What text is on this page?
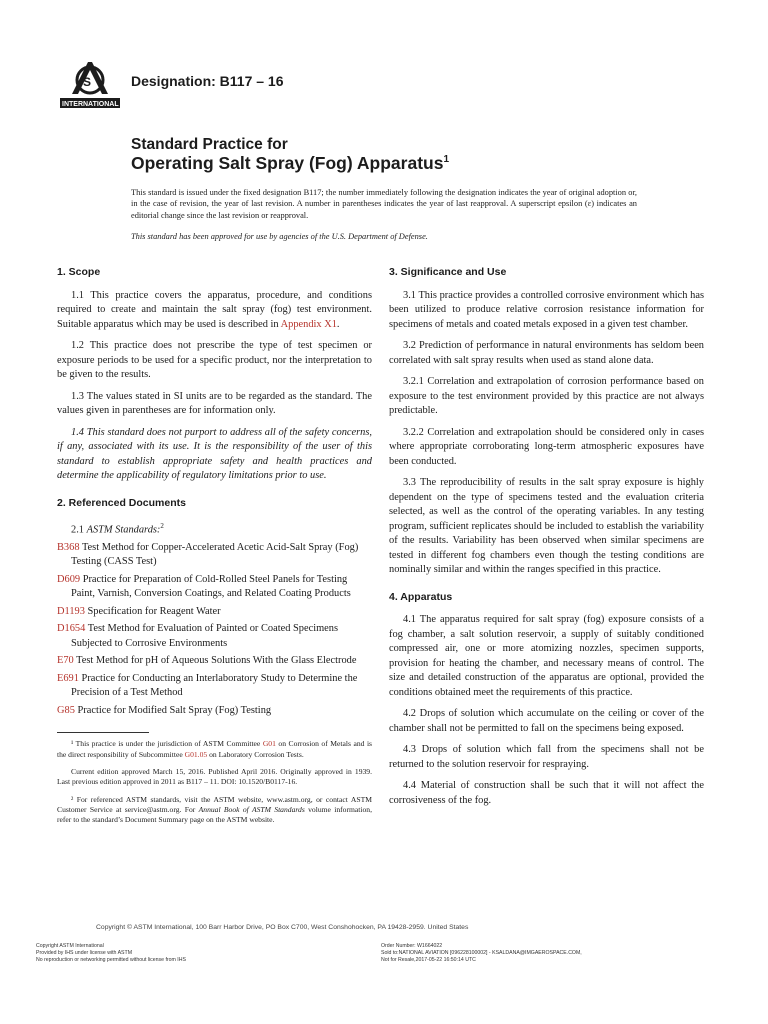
S
INTERNATIONAL
Designation: B117 – 16
Standard Practice for
Operating Salt Spray (Fog) Apparatus$^1$
This standard is issued under the fixed designation B117; the number immediately following the designation indicates the year of original adoption or, in the case of revision, the year of last revision. A number in parentheses indicates the year of last reapproval. A superscript epsilon (ε) indicates an editorial change since the last revision or reapproval.
This standard has been approved for use by agencies of the U.S. Department of Defense.
1. Scope

1.1 This practice covers the apparatus, procedure, and conditions required to create and maintain the salt spray (fog) test environment. Suitable apparatus which may be used is described in Appendix X1.

1.2 This practice does not prescribe the type of test specimen or exposure periods to be used for a specific product, nor the interpretation to be given to the results.

1.3 The values stated in SI units are to be regarded as the standard. The values given in parentheses are for information only.

1.4 This standard does not purport to address all of the safety concerns, if any, associated with its use. It is the responsibility of the user of this standard to establish appropriate safety and health practices and determine the applicability of regulatory limitations prior to use.

2. Referenced Documents

2.1 ASTM Standards:$^2$

B368 Test Method for Copper-Accelerated Acetic Acid-Salt Spray (Fog) Testing (CASS Test)
D609 Practice for Preparation of Cold-Rolled Steel Panels for Testing Paint, Varnish, Conversion Coatings, and Related Coating Products
D1193 Specification for Reagent Water
D1654 Test Method for Evaluation of Painted or Coated Specimens Subjected to Corrosive Environments
E70 Test Method for pH of Aqueous Solutions With the Glass Electrode
E691 Practice for Conducting an Interlaboratory Study to Determine the Precision of a Test Method
G85 Practice for Modified Salt Spray (Fog) Testing

¹ This practice is under the jurisdiction of ASTM Committee G01 on Corrosion of Metals and is the direct responsibility of Subcommittee G01.05 on Laboratory Corrosion Tests.

Current edition approved March 15, 2016. Published April 2016. Originally approved in 1939. Last previous edition approved in 2011 as B117 – 11. DOI: 10.1520/B0117-16.

² For referenced ASTM standards, visit the ASTM website, www.astm.org, or contact ASTM Customer Service at service@astm.org. For Annual Book of ASTM Standards volume information, refer to the standard’s Document Summary page on the ASTM website.

3. Significance and Use

3.1 This practice provides a controlled corrosive environment which has been utilized to produce relative corrosion resistance information for specimens of metals and coated metals exposed in a given test chamber.

3.2 Prediction of performance in natural environments has seldom been correlated with salt spray results when used as stand alone data.

3.2.1 Correlation and extrapolation of corrosion performance based on exposure to the test environment provided by this practice are not always predictable.

3.2.2 Correlation and extrapolation should be considered only in cases where appropriate corroborating long-term atmospheric exposures have been conducted.

3.3 The reproducibility of results in the salt spray exposure is highly dependent on the type of specimens tested and the evaluation criteria selected, as well as the control of the operating variables. In any testing program, sufficient replicates should be included to establish the variability of the results. Variability has been observed when similar specimens are tested in different fog chambers even though the testing conditions are nominally similar and within the ranges specified in this practice.

4. Apparatus

4.1 The apparatus required for salt spray (fog) exposure consists of a fog chamber, a salt solution reservoir, a supply of suitably conditioned compressed air, one or more atomizing nozzles, specimen supports, provision for heating the chamber, and necessary means of control. The size and detailed construction of the apparatus are optional, provided the conditions obtained meet the requirements of this practice.

4.2 Drops of solution which accumulate on the ceiling or cover of the chamber shall not be permitted to fall on the specimens being exposed.

4.3 Drops of solution which fall from the specimens shall not be returned to the solution reservoir for respraying.

4.4 Material of construction shall be such that it will not affect the corrosiveness of the fog.

Copyright © ASTM International, 100 Barr Harbor Drive, PO Box C700, West Conshohocken, PA 19428-2959. United States
Copyright ASTM International
Provided by IHS under license with ASTM
No reproduction or networking permitted without license from IHS
Order Number: W1664022
Sold to:NATIONAL AVIATION [096228100002] - KSALDANA@IMGAEROSPACE.COM,
Not for Resale,2017-05-22 16:50:14 UTC
